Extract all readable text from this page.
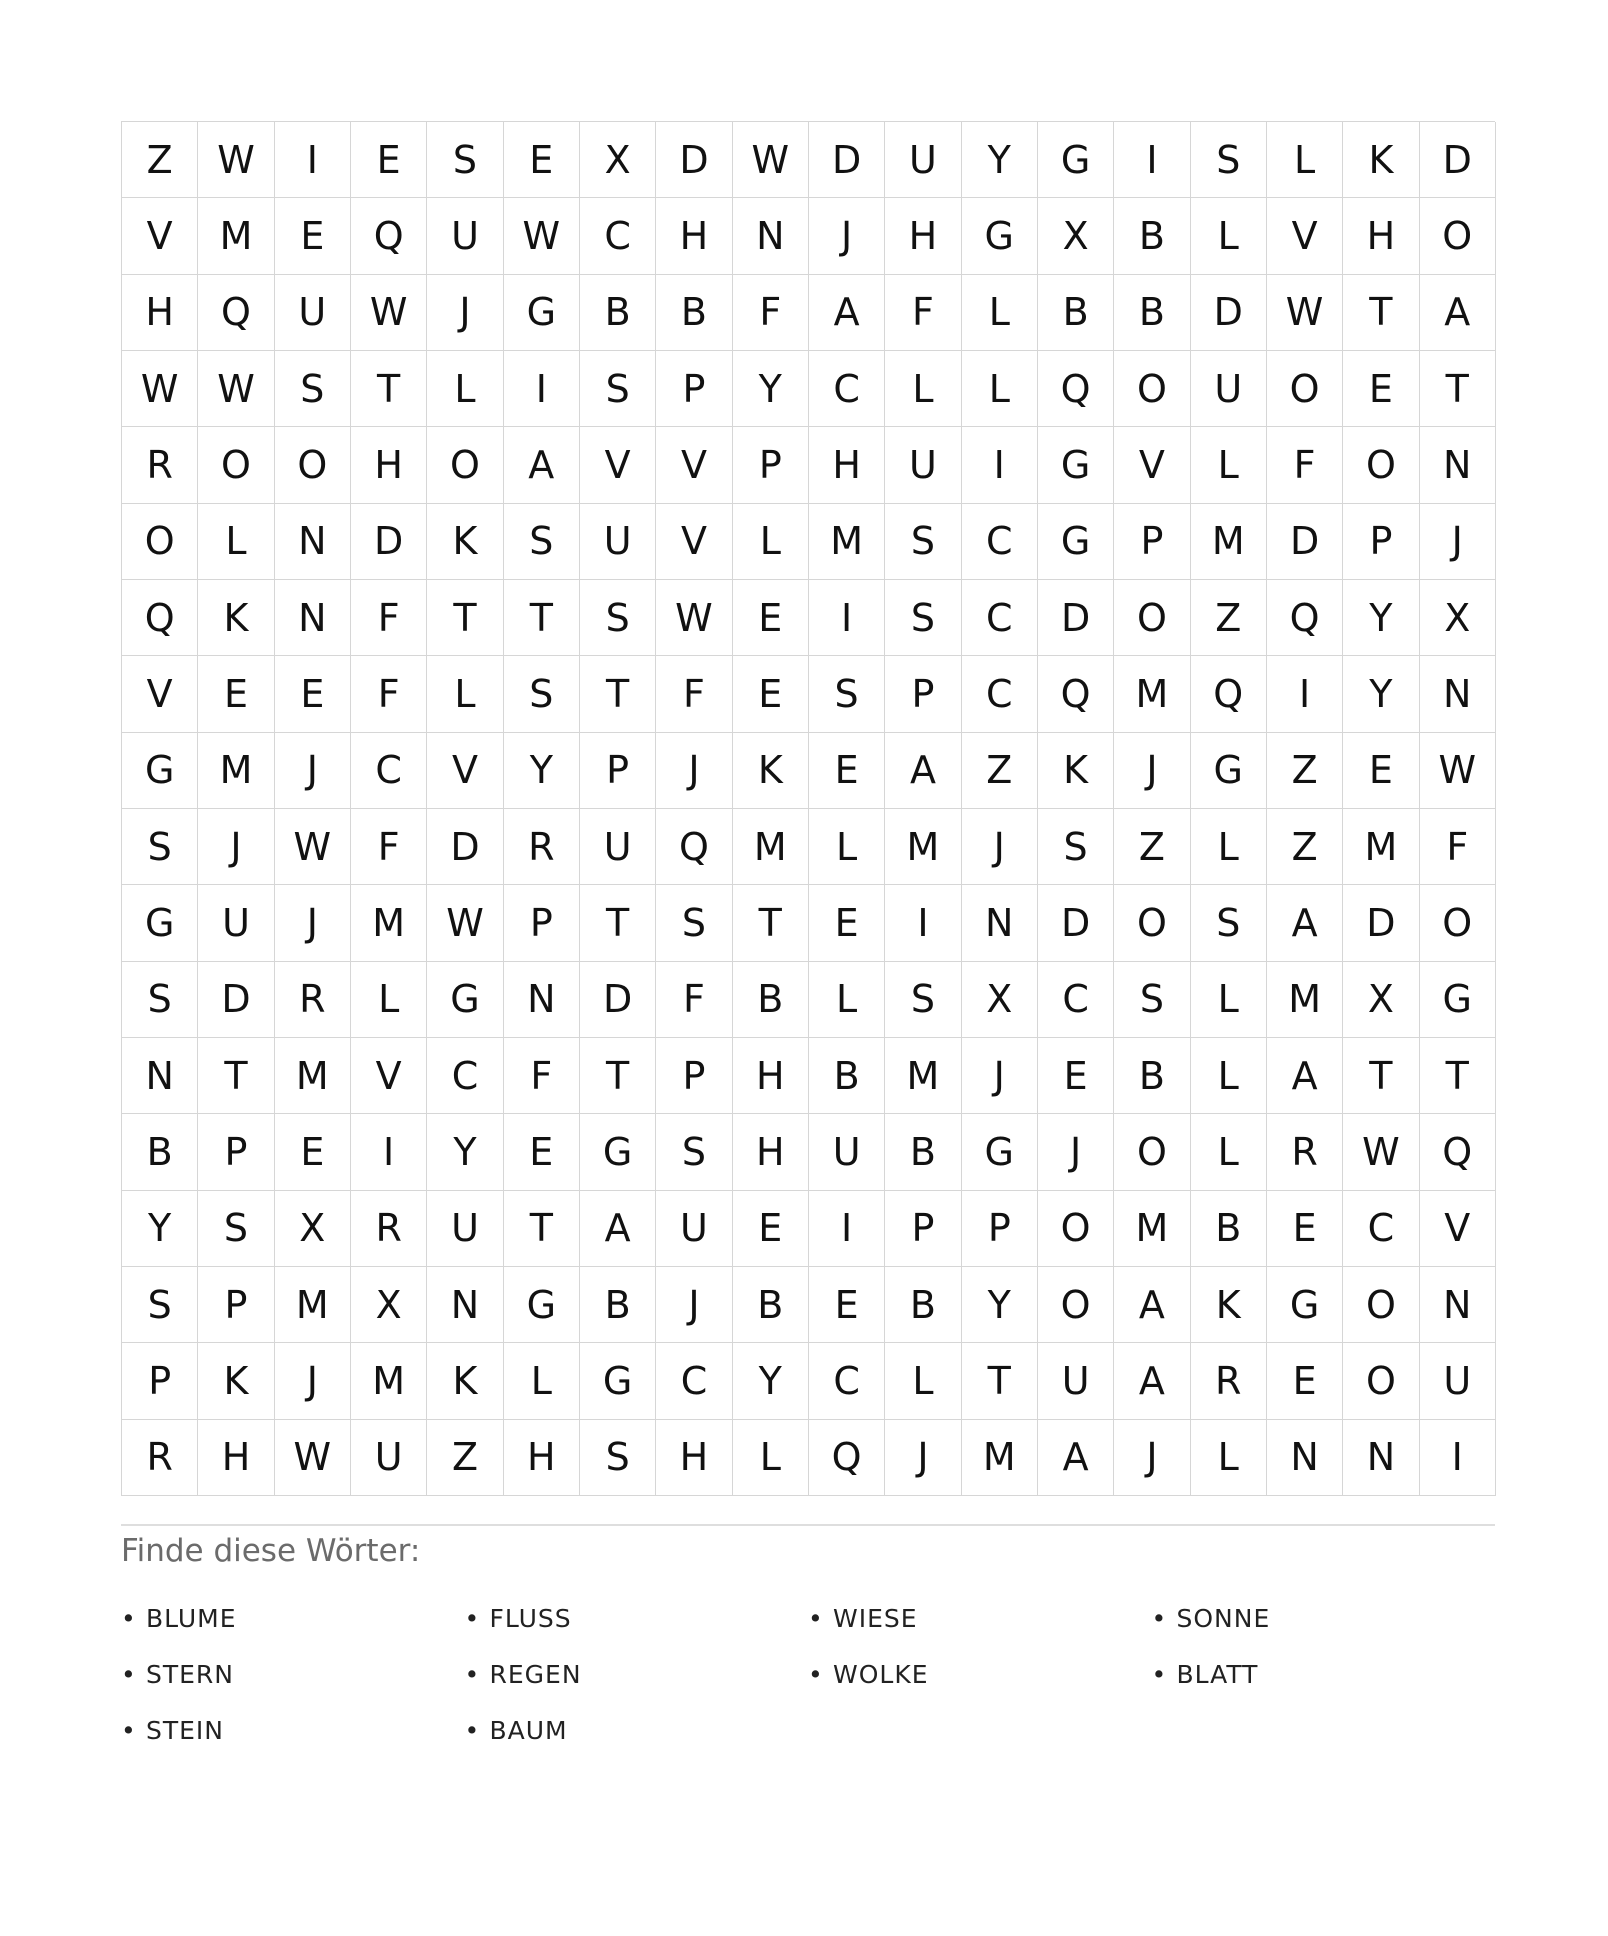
Z	W	I	E	S	E	X	D	W	D	U	Y	G	I	S	L	K	D
V	M	E	Q	U	W	C	H	N	J	H	G	X	B	L	V	H	O
H	Q	U	W	J	G	B	B	F	A	F	L	B	B	D	W	T	A
W	W	S	T	L	I	S	P	Y	C	L	L	Q	O	U	O	E	T
R	O	O	H	O	A	V	V	P	H	U	I	G	V	L	F	O	N
O	L	N	D	K	S	U	V	L	M	S	C	G	P	M	D	P	J
Q	K	N	F	T	T	S	W	E	I	S	C	D	O	Z	Q	Y	X
V	E	E	F	L	S	T	F	E	S	P	C	Q	M	Q	I	Y	N
G	M	J	C	V	Y	P	J	K	E	A	Z	K	J	G	Z	E	W
S	J	W	F	D	R	U	Q	M	L	M	J	S	Z	L	Z	M	F
G	U	J	M	W	P	T	S	T	E	I	N	D	O	S	A	D	O
S	D	R	L	G	N	D	F	B	L	S	X	C	S	L	M	X	G
N	T	M	V	C	F	T	P	H	B	M	J	E	B	L	A	T	T
B	P	E	I	Y	E	G	S	H	U	B	G	J	O	L	R	W	Q
Y	S	X	R	U	T	A	U	E	I	P	P	O	M	B	E	C	V
S	P	M	X	N	G	B	J	B	E	B	Y	O	A	K	G	O	N
P	K	J	M	K	L	G	C	Y	C	L	T	U	A	R	E	O	U
R	H	W	U	Z	H	S	H	L	Q	J	M	A	J	L	N	N	I
Finde diese Wörter:
• BLUME	• FLUSS	• WIESE	• SONNE
• STERN	• REGEN	• WOLKE	• BLATT
• STEIN	• BAUM
